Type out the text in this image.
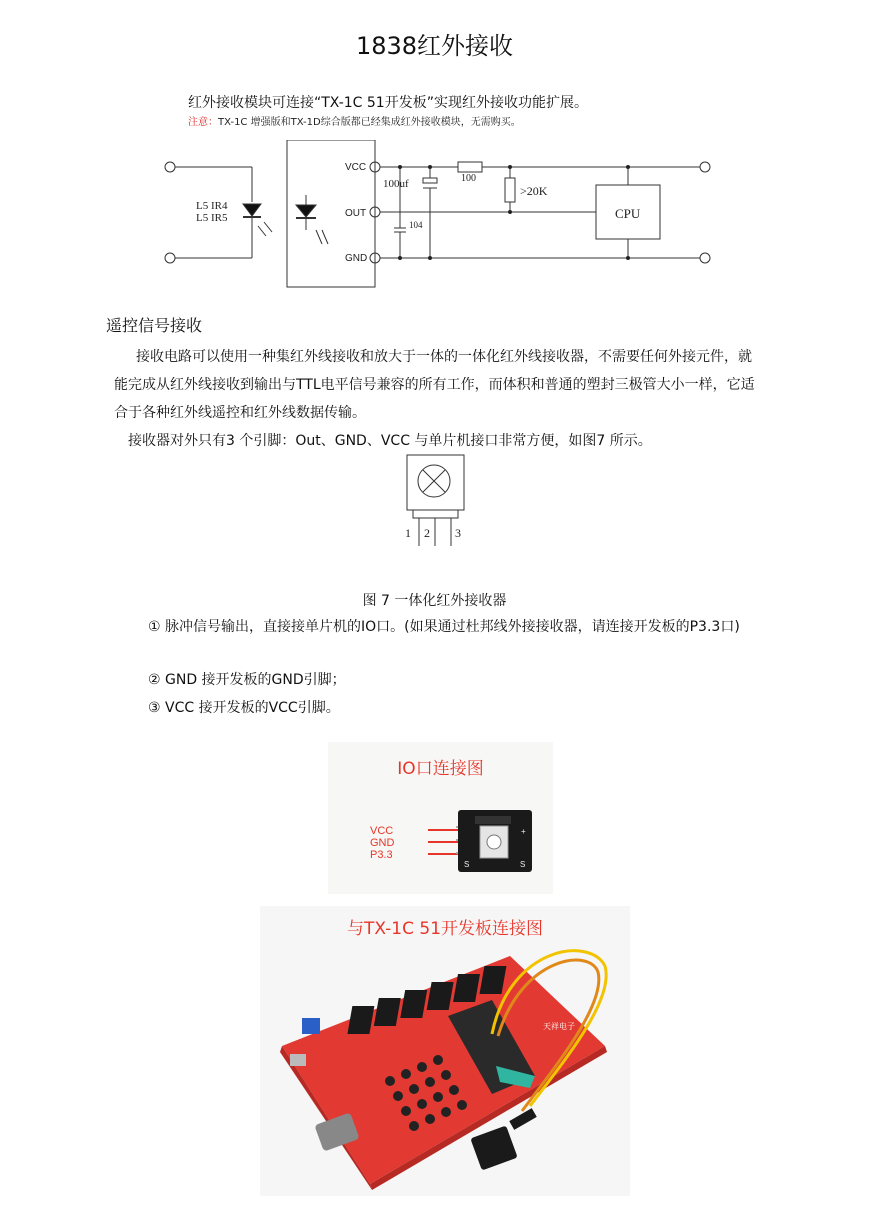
1838红外接收
红外接收模块可连接“TX-1C 51开发板”实现红外接收功能扩展。
注意：TX-1C 增强版和TX-1D综合版都已经集成红外接收模块，无需购买。
VCC
OUT
GND
L5 IR4
L5 IR5
100uf
104
100
>20K
CPU
遥控信号接收
接收电路可以使用一种集红外线接收和放大于一体的一体化红外线接收器，不需要任何外接元件，就能完成从红外线接收到输出与TTL电平信号兼容的所有工作，而体积和普通的塑封三极管大小一样，它适合于各种红外线遥控和红外线数据传输。
接收器对外只有3 个引脚：Out、GND、VCC 与单片机接口非常方便，如图7 所示。
1 2 3
图 7 一体化红外接收器
① 脉冲信号输出，直接接单片机的IO口。(如果通过杜邦线外接接收器，请连接开发板的P3.3口)
② GND 接开发板的GND引脚；
③ VCC 接开发板的VCC引脚。
IO口连接图
VCC
GND
P3.3
S	S
+
与TX-1C 51开发板连接图
天祥电子
